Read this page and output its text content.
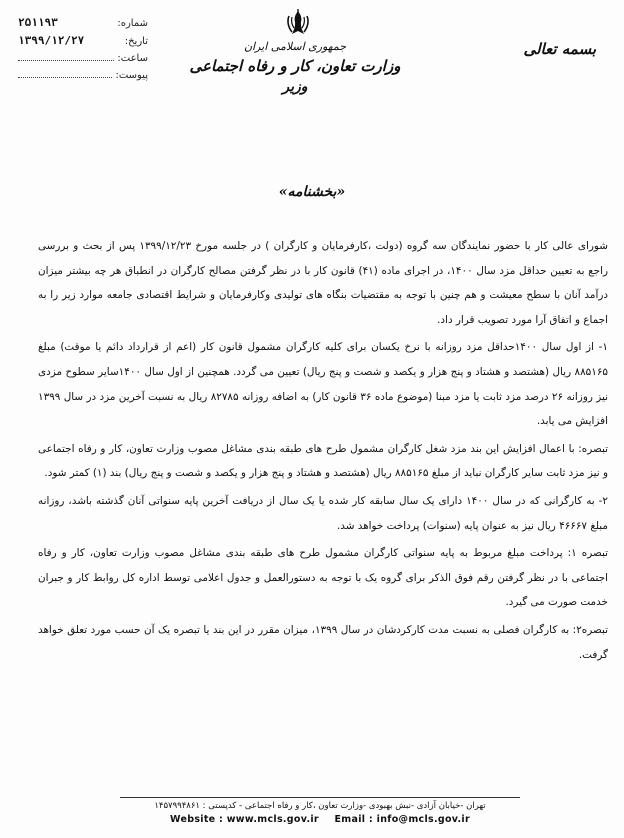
شماره:
۲۵۱۱۹۳
تاریخ:
۱۳۹۹/۱۲/۲۷
ساعت:
پیوست:
جمهوری اسلامی ایران
وزارت تعاون، کار و رفاه اجتماعی
وزیر
بسمه تعالی
«بخشنامه»

شورای عالی کار با حضور نمایندگان سه گروه (دولت ،کارفرمایان و کارگران ) در جلسه مورخ ۱۳۹۹/۱۲/۲۳ پس از بحث و بررسی راجع به تعیین حداقل مزد سال ۱۴۰۰، در اجرای ماده (۴۱) قانون کار با در نظر گرفتن مصالح کارگران در انطباق هر چه بیشتر میزان درآمد آنان با سطح معیشت و هم چنین با توجه به مقتضیات بنگاه های تولیدی وکارفرمایان و شرایط اقتصادی جامعه موارد زیر را به اجماع و اتفاق آرا مورد تصویب قرار داد.

۱- از اول سال ۱۴۰۰حداقل مزد روزانه با نرخ یکسان برای کلیه کارگران مشمول قانون کار (اعم از قرارداد دائم یا موقت) مبلغ ۸۸۵۱۶۵ ریال (هشتصد و هشتاد و پنج هزار و یکصد و شصت و پنج ریال) تعیین می گردد. همچنین از اول سال ۱۴۰۰سایر سطوح مزدی نیز روزانه ۲۶ درصد مزد ثابت یا مزد مبنا (موضوع ماده ۳۶ قانون کار) به اضافه روزانه ۸۲۷۸۵ ریال به نسبت آخرین مزد در سال ۱۳۹۹ افزایش می یابد.

تبصره: با اعمال افزایش این بند مزد شغل کارگران مشمول طرح های طبقه بندی مشاغل مصوب وزارت تعاون، کار و رفاه اجتماعی و نیز مزد ثابت سایر کارگران نباید از مبلغ ۸۸۵۱۶۵ ریال (هشتصد و هشتاد و پنج هزار و یکصد و شصت و پنج ریال) بند (۱) کمتر شود.

۲- به کارگرانی که در سال ۱۴۰۰ دارای یک سال سابقه کار شده یا یک سال از دریافت آخرین پایه سنواتی آنان گذشته باشد، روزانه مبلغ ۴۶۶۶۷ ریال نیز به عنوان پایه (سنوات) پرداخت خواهد شد.

تبصره ۱: پرداخت مبلغ مربوط به پایه سنواتی کارگران مشمول طرح های طبقه بندی مشاغل مصوب وزارت تعاون، کار و رفاه اجتماعی با در نظر گرفتن رقم فوق الذکر برای گروه یک با توجه به دستورالعمل و جدول اعلامی توسط اداره کل روابط کار و جبران خدمت صورت می گیرد.

تبصره۲: به کارگران فصلی به نسبت مدت کارکردشان در سال ۱۳۹۹، میزان مقرر در این بند یا تبصره یک آن حسب مورد تعلق خواهد گرفت.

تهران -خیابان آزادی -نبش بهبودی -وزارت تعاون ،کار و رفاه اجتماعی - کدپستی : ۱۴۵۷۹۹۴۸۶۱
Website : www.mcls.gov.ir Email : info@mcls.gov.ir
